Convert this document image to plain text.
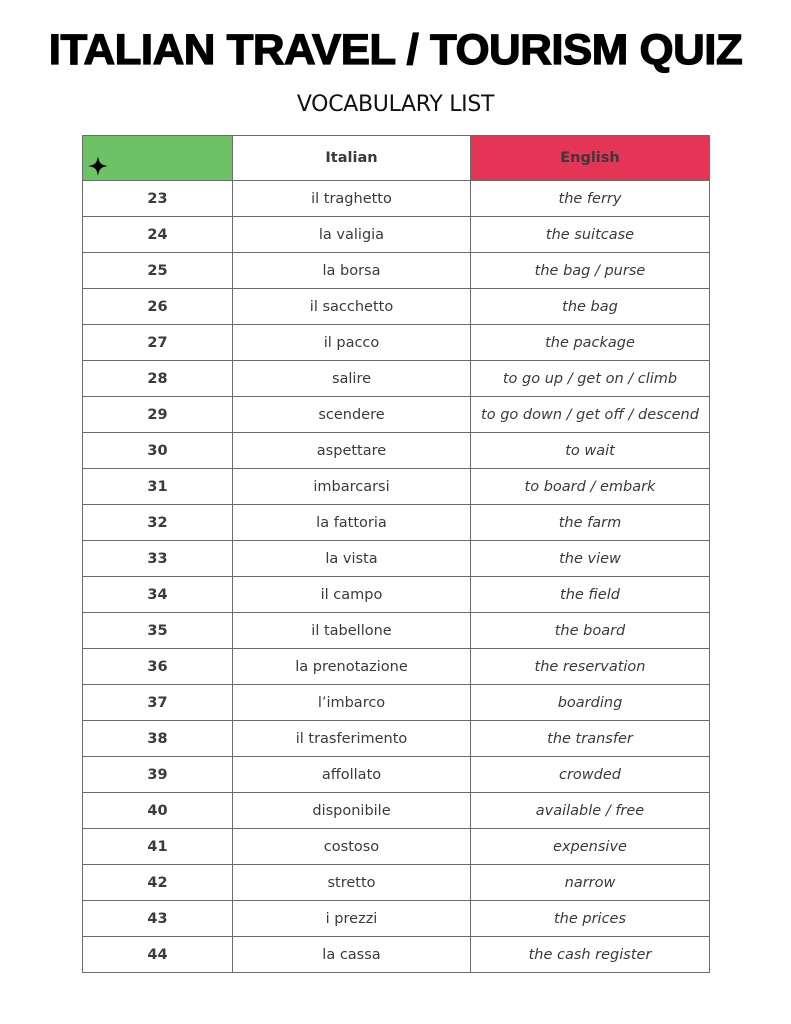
ITALIAN TRAVEL / TOURISM QUIZ
VOCABULARY LIST
	Italian	English
23	il traghetto	the ferry
24	la valigia	the suitcase
25	la borsa	the bag / purse
26	il sacchetto	the bag
27	il pacco	the package
28	salire	to go up / get on / climb
29	scendere	to go down / get off / descend
30	aspettare	to wait
31	imbarcarsi	to board / embark
32	la fattoria	the farm
33	la vista	the view
34	il campo	the field
35	il tabellone	the board
36	la prenotazione	the reservation
37	l’imbarco	boarding
38	il trasferimento	the transfer
39	affollato	crowded
40	disponibile	available / free
41	costoso	expensive
42	stretto	narrow
43	i prezzi	the prices
44	la cassa	the cash register
